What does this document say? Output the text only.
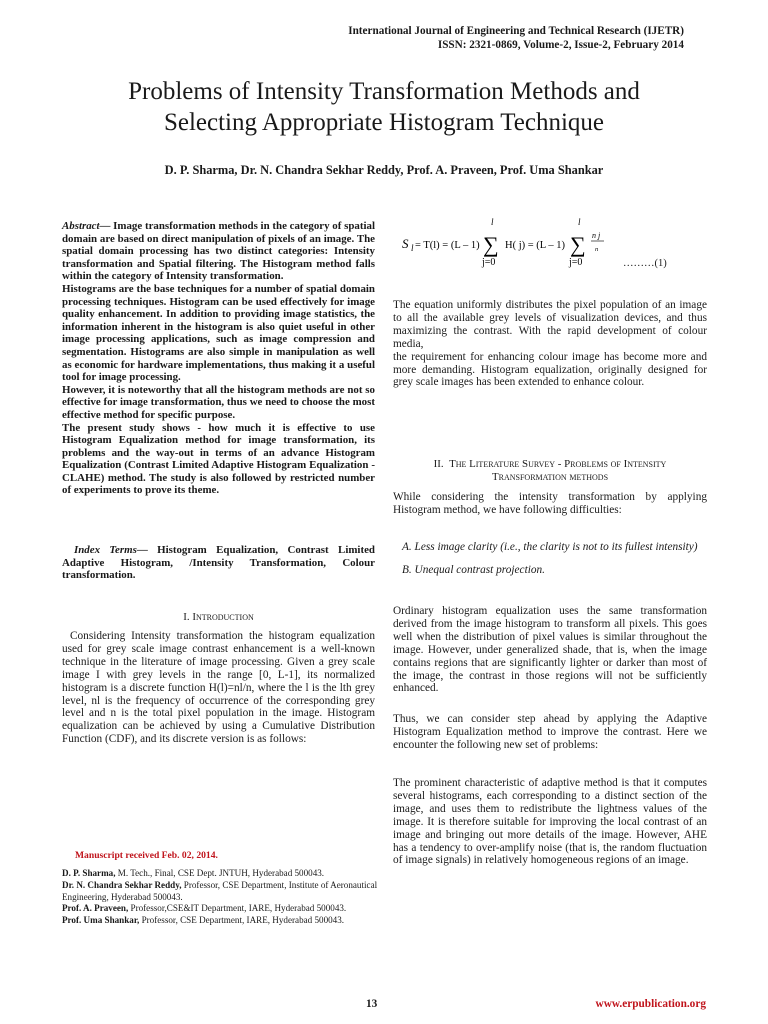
International Journal of Engineering and Technical Research (IJETR)
ISSN: 2321-0869, Volume-2, Issue-2, February 2014
Problems of Intensity Transformation Methods and
Selecting Appropriate Histogram Technique
D. P. Sharma, Dr. N. Chandra Sekhar Reddy, Prof. A. Praveen, Prof. Uma Shankar

Abstract— Image transformation methods in the category of spatial domain are based on direct manipulation of pixels of an image. The spatial domain processing has two distinct categories: Intensity transformation and Spatial filtering. The Histogram method falls within the category of Intensity transformation.

Histograms are the base techniques for a number of spatial domain processing techniques. Histogram can be used effectively for image quality enhancement. In addition to providing image statistics, the information inherent in the histogram is also quiet useful in other image processing applications, such as image compression and segmentation. Histograms are also simple in manipulation as well as economic for hardware implementations, thus making it a useful tool for image processing.

However, it is noteworthy that all the histogram methods are not so effective for image transformation, thus we need to choose the most effective method for specific purpose.

The present study shows - how much it is effective to use Histogram Equalization method for image transformation, its problems and the way-out in terms of an advance Histogram Equalization (Contrast Limited Adaptive Histogram Equalization -CLAHE) method. The study is also followed by restricted number of experiments to prove its theme.

Index Terms— Histogram Equalization, Contrast Limited Adaptive Histogram, /Intensity Transformation, Colour transformation.
I. Introduction
Considering Intensity transformation the histogram equalization used for grey scale image contrast enhancement is a well-known technique in the literature of image processing. Given a grey scale image I with grey levels in the range [0, L-1], its normalized histogram is a discrete function H(l)=nl/n, where the l is the lth grey level, nl is the frequency of occurrence of the corresponding grey level and n is the total pixel population in the image. Histogram equalization can be achieved by using a Cumulative Distribution Function (CDF), and its discrete version is as follows:
Manuscript received Feb. 02, 2014.
D. P. Sharma, M. Tech., Final, CSE Dept. JNTUH, Hyderabad 500043.
Dr. N. Chandra Sekhar Reddy, Professor, CSE Department, Institute of Aeronautical Engineering, Hyderabad 500043.
Prof. A. Praveen, Professor,CSE&IT Department, IARE, Hyderabad 500043.
Prof. Uma Shankar, Professor, CSE Department, IARE, Hyderabad 500043.
S l = T(l) = (L – 1)
l
∑
j=0
H( j) = (L – 1)
l
∑
j=0
n j
n
………(1)
The equation uniformly distributes the pixel population of an image to all the available grey levels of visualization devices, and thus maximizing the contrast. With the rapid development of colour media,
the requirement for enhancing colour image has become more and more demanding. Histogram equalization, originally designed for grey scale images has been extended to enhance colour.
II. The Literature Survey - Problems of Intensity
Transformation methods
While considering the intensity transformation by applying Histogram method, we have following difficulties:
A. Less image clarity (i.e., the clarity is not to its fullest intensity)
B. Unequal contrast projection.
Ordinary histogram equalization uses the same transformation derived from the image histogram to transform all pixels. This goes well when the distribution of pixel values is similar throughout the image. However, under generalized shade, that is, when the image contains regions that are significantly lighter or darker than most of the image, the contrast in those regions will not be sufficiently enhanced.
Thus, we can consider step ahead by applying the Adaptive Histogram Equalization method to improve the contrast. Here we encounter the following new set of problems:
The prominent characteristic of adaptive method is that it computes several histograms, each corresponding to a distinct section of the image, and uses them to redistribute the lightness values of the image. It is therefore suitable for improving the local contrast of an image and bringing out more details of the image. However, AHE has a tendency to over-amplify noise (that is, the random fluctuation of image signals) in relatively homogeneous regions of an image.
13	www.erpublication.org
